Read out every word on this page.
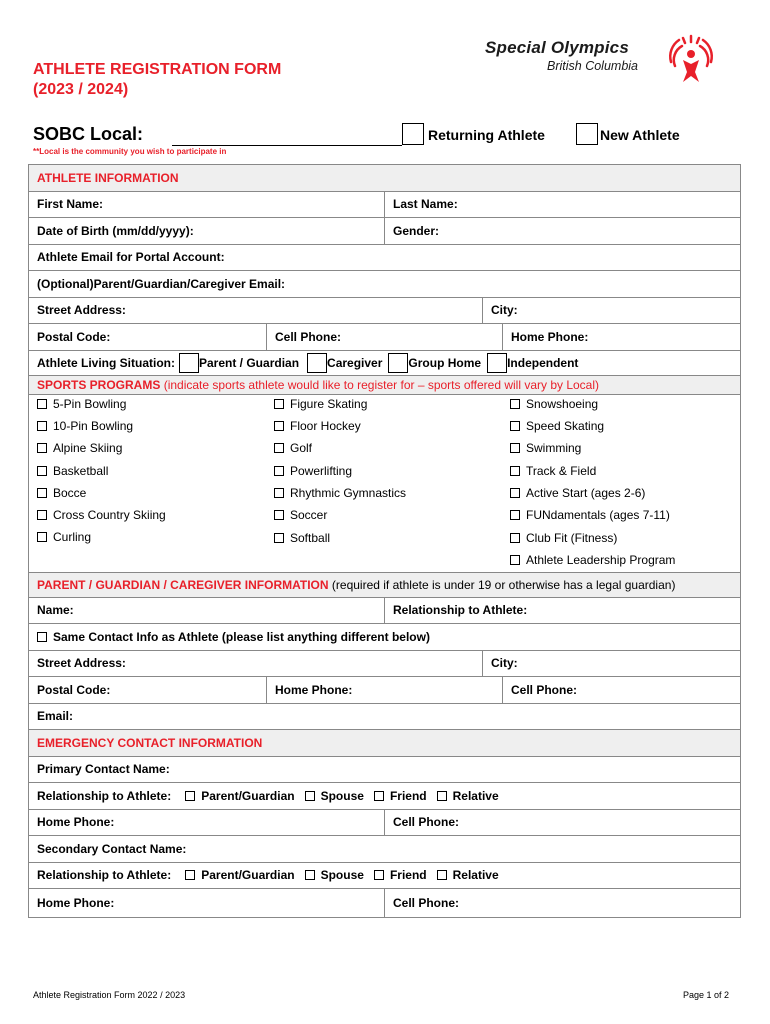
ATHLETE REGISTRATION FORM
(2023 / 2024)
Special Olympics
British Columbia
SOBC Local:	Returning Athlete	New Athlete
**Local is the community you wish to participate in
ATHLETE INFORMATION
First Name:	Last Name:
Date of Birth (mm/dd/yyyy):	Gender:
Athlete Email for Portal Account:
(Optional)Parent/Guardian/Caregiver Email:
Street Address:	City:
Postal Code:	Cell Phone:	Home Phone:
Athlete Living Situation: Parent / Guardian Caregiver Group Home Independent
SPORTS PROGRAMS
(indicate sports athlete would like to register for – sports offered will vary by Local)
5-Pin Bowling
10-Pin Bowling
Alpine Skiing
Basketball
Bocce
Cross Country Skiing
Curling
Figure Skating
Floor Hockey
Golf
Powerlifting
Rhythmic Gymnastics
Soccer
Softball
Snowshoeing
Speed Skating
Swimming
Track & Field
Active Start (ages 2-6)
FUNdamentals (ages 7-11)
Club Fit (Fitness)
Athlete Leadership Program
PARENT / GUARDIAN / CAREGIVER INFORMATION
(required if athlete is under 19 or otherwise has a legal guardian)
Name:	Relationship to Athlete:
Same Contact Info as Athlete (please list anything different below)
Street Address:	City:
Postal Code:	Home Phone:	Cell Phone:
Email:
EMERGENCY CONTACT INFORMATION
Primary Contact Name:
Relationship to Athlete:	Parent/Guardian Spouse Friend Relative
Home Phone:	Cell Phone:
Secondary Contact Name:
Relationship to Athlete:	Parent/Guardian Spouse Friend Relative
Home Phone:	Cell Phone:
Athlete Registration Form 2022 / 2023	Page 1 of 2
